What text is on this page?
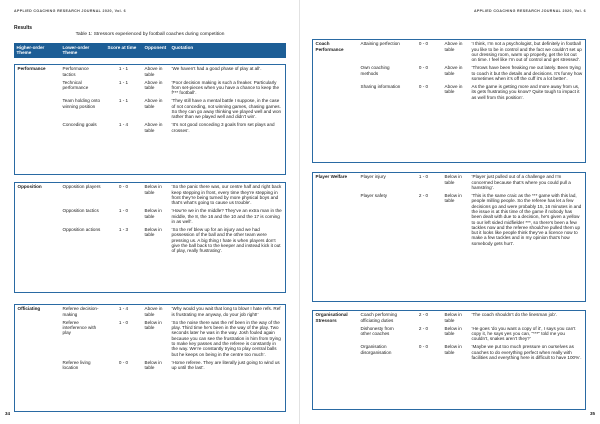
APPLIED COACHING RESEARCH JOURNAL 2020, Vol. 6
Results
Table 1: Stressors experienced by football coaches during competition
Higher-order Theme	Lower-order Theme	Score at time	Opponent	Quotation
Performance	Performance tactics	1 - 1	Above in table	‘We haven’t had a good phase of play at all’.
	Technical performance	1 - 1	Above in table	‘Poor decision making is such a freaker. Particularly from set-pieces when you have a chance to keep the f*** football’.
	Team holding onto winning position	1 - 1	Above in table	‘They still have a mental battle I suppose, in the case of not conceding, not winning games, chasing games. So they can go away thinking we played well and won rather than we played well and didn’t win’.
	Conceding goals	1 - 4	Above in table	‘It’s not good conceding 3 goals from set plays and crosses’.
Opposition	Opposition players	0 - 0	Below in table	‘So the panic there was, our centre half and right back keep stepping in front, every time they’re stepping in front they’re being turned by more physical boys and that’s what’s going to cause us trouble’.
	Opposition tactics	1 - 0	Below in table	‘How’re we in the middle? They’ve an extra man in the middle, the 8, the 16 and the 10 and the 17 is coming in as well’.
	Opposition actions	1 - 3	Below in table	‘So the ref blew up for an injury and we had possession of the ball and the other team were pressing us. A big thing I hate is when players don’t give the ball back to the keeper and instead kick it out of play, really frustrating’.
Officiating	Referee decision-making	1 - 4	Above in table	‘Why would you wait that long to blow! I hate refs. Ref is frustrating me anyway, do your job right!’
	Referee interference with play	1 - 0	Below in table	‘So the noise there was the ref been in the way of the play. Third time he’s been in the way of the play. Two seconds later he was in the way. Josh fouled again because you can see the frustration in him from trying to make key passes and the referee is constantly in the way. We’re constantly trying to play central balls but he keeps on being in the centre too much’.
	Referee living location	0 - 0	Below in table	‘Home referee. They are literally just going to wind us up until the last’.
34
APPLIED COACHING RESEARCH JOURNAL 2020, Vol. 6
Coach Performance	Attaining perfection	0 - 0	Above in table	‘I think, I’m not a psychologist, but definitely in football you like to be in control and the fact we couldn’t set up our dressing room, warm up properly, get the lot out on time. I feel like I’m out of control and get stressed’.
	Own coaching methods	0 - 0	Above in table	‘Throws have been freaking me out lately. Been trying to coach it but the details and decisions. It’s funny how sometimes when it’s off the cuff it’s a lot better’.
	Sharing information	0 - 0	Above in table	As the game is getting more and more away from us, its gets frustrating you know? Quite tough to impact it as well from this position’.
Player Welfare	Player injury	1 - 0	Below in table	‘Player just pulled out of a challenge and I’m concerned because that’s where you could pull a hamstring’.
	Player safety	2 - 0	Below in table	‘This is the same craic as the *** game with this lad, people milling people. So the referee has let a few decisions go and were probably 15, 16 minutes in and the issue is at this time of the game if nobody has been dealt with due to a decision, he’s given a yellow to our left sided midfielder ***, so there’s been a few tackles now and the referee should’ve pulled them up but it looks like people think they’ve a licence now to make a few tackles and in my opinion that’s how somebody gets hurt’.
Organisational Stressors	Coach performing officiating duties	2 - 0	Below in table	‘The coach shouldn’t do the linesman job’.
	Dishonesty from other coaches	2 - 0	Below in table	‘He goes ‘do you want a copy of it’, I says you can’t copy it, he says yes you can, “***” told me you couldn’t, snakes aren’t they?’
	Organisation disorganisation	0 - 0	Below in table	‘Maybe we put too much pressure on ourselves as coaches to do everything perfect when really with facilities and everything here is difficult to have 100%’.
35
